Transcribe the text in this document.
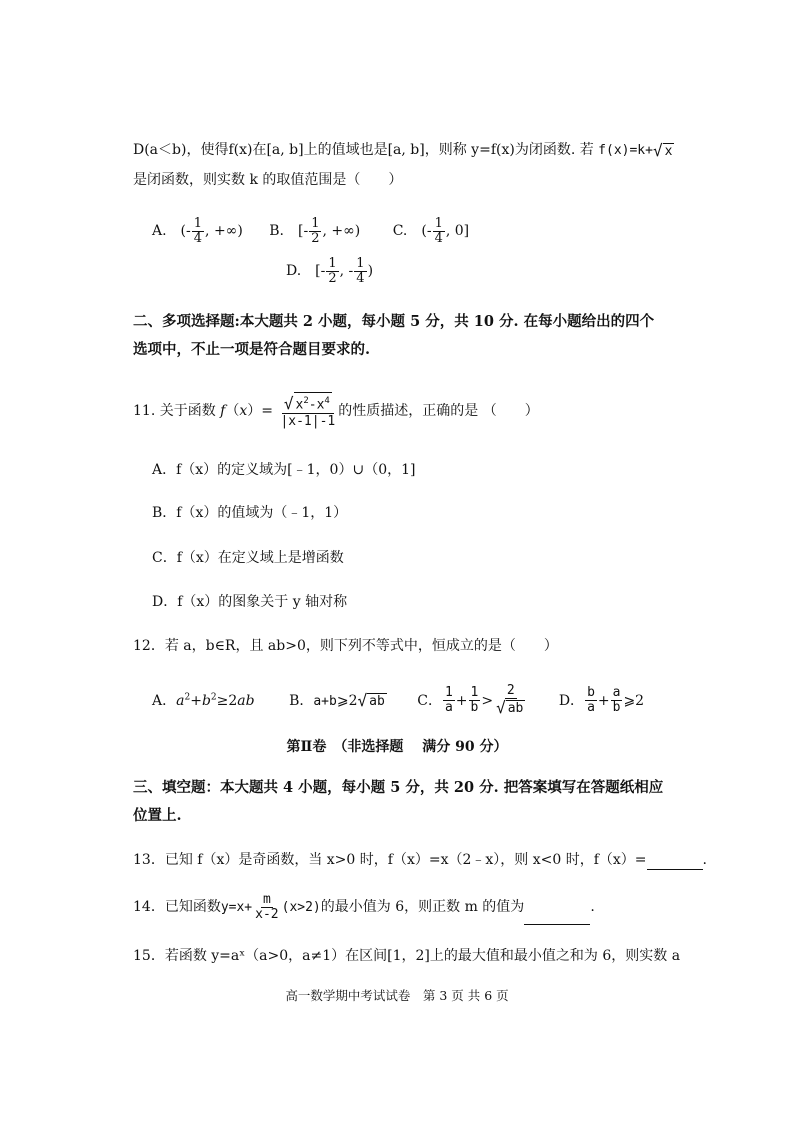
D(a＜b)，使得f(x)在[a, b]上的值域也是[a, b]，则称 y=f(x)为闭函数. 若 f(x)=k+ √ x
是闭函数，则实数 k 的取值范围是（　　）
A.　(- $\frac{1}{4}$ , +∞) B.　[- $\frac{1}{2}$ , +∞) C.　(- $\frac{1}{4}$ , 0]
D.　[- $\frac{1}{2}$ , - $\frac{1}{4}$ )
二、多项选择题:本大题共 2 小题，每小题 5 分，共 10 分. 在每小题给出的四个选项中，不止一项是符合题目要求的.
11. 关于函数 $f(x)= \frac{√ x^2-x^4}{|x-1|-1}$ 的性质描述，正确的是 （　　）
A．f（x）的定义域为[﹣1，0）∪（0，1]
B．f（x）的值域为（﹣1，1）
C．f（x）在定义域上是增函数
D．f（x）的图象关于 y 轴对称
12．若 a，b∈R，且 ab>0，则下列不等式中，恒成立的是（　　）
A．$a^2+b^2\ge 2ab$ B．a+b⩾2 √ ab C． $\frac{1}{a} + \frac{1}{b} > \frac{2}{√ ab}$ D． $\frac{b}{a} + \frac{a}{b}$ ⩾2
第Ⅱ卷　（非选择题　 满分 90 分）
三、填空题：本大题共 4 小题，每小题 5 分，共 20 分. 把答案填写在答题纸相应位置上.
13．已知 f（x）是奇函数，当 x>0 时，f（x）=x（2﹣x），则 x<0 时，f（x）=	.
14．已知函数$y=x+ \frac{m}{x-2} (x>2)$的最小值为 6，则正数 m 的值为	.
15．若函数 y=aˣ（a>0，a≠1）在区间[1，2]上的最大值和最小值之和为 6，则实数 a
高一数学期中考试试卷　第 3 页 共 6 页
